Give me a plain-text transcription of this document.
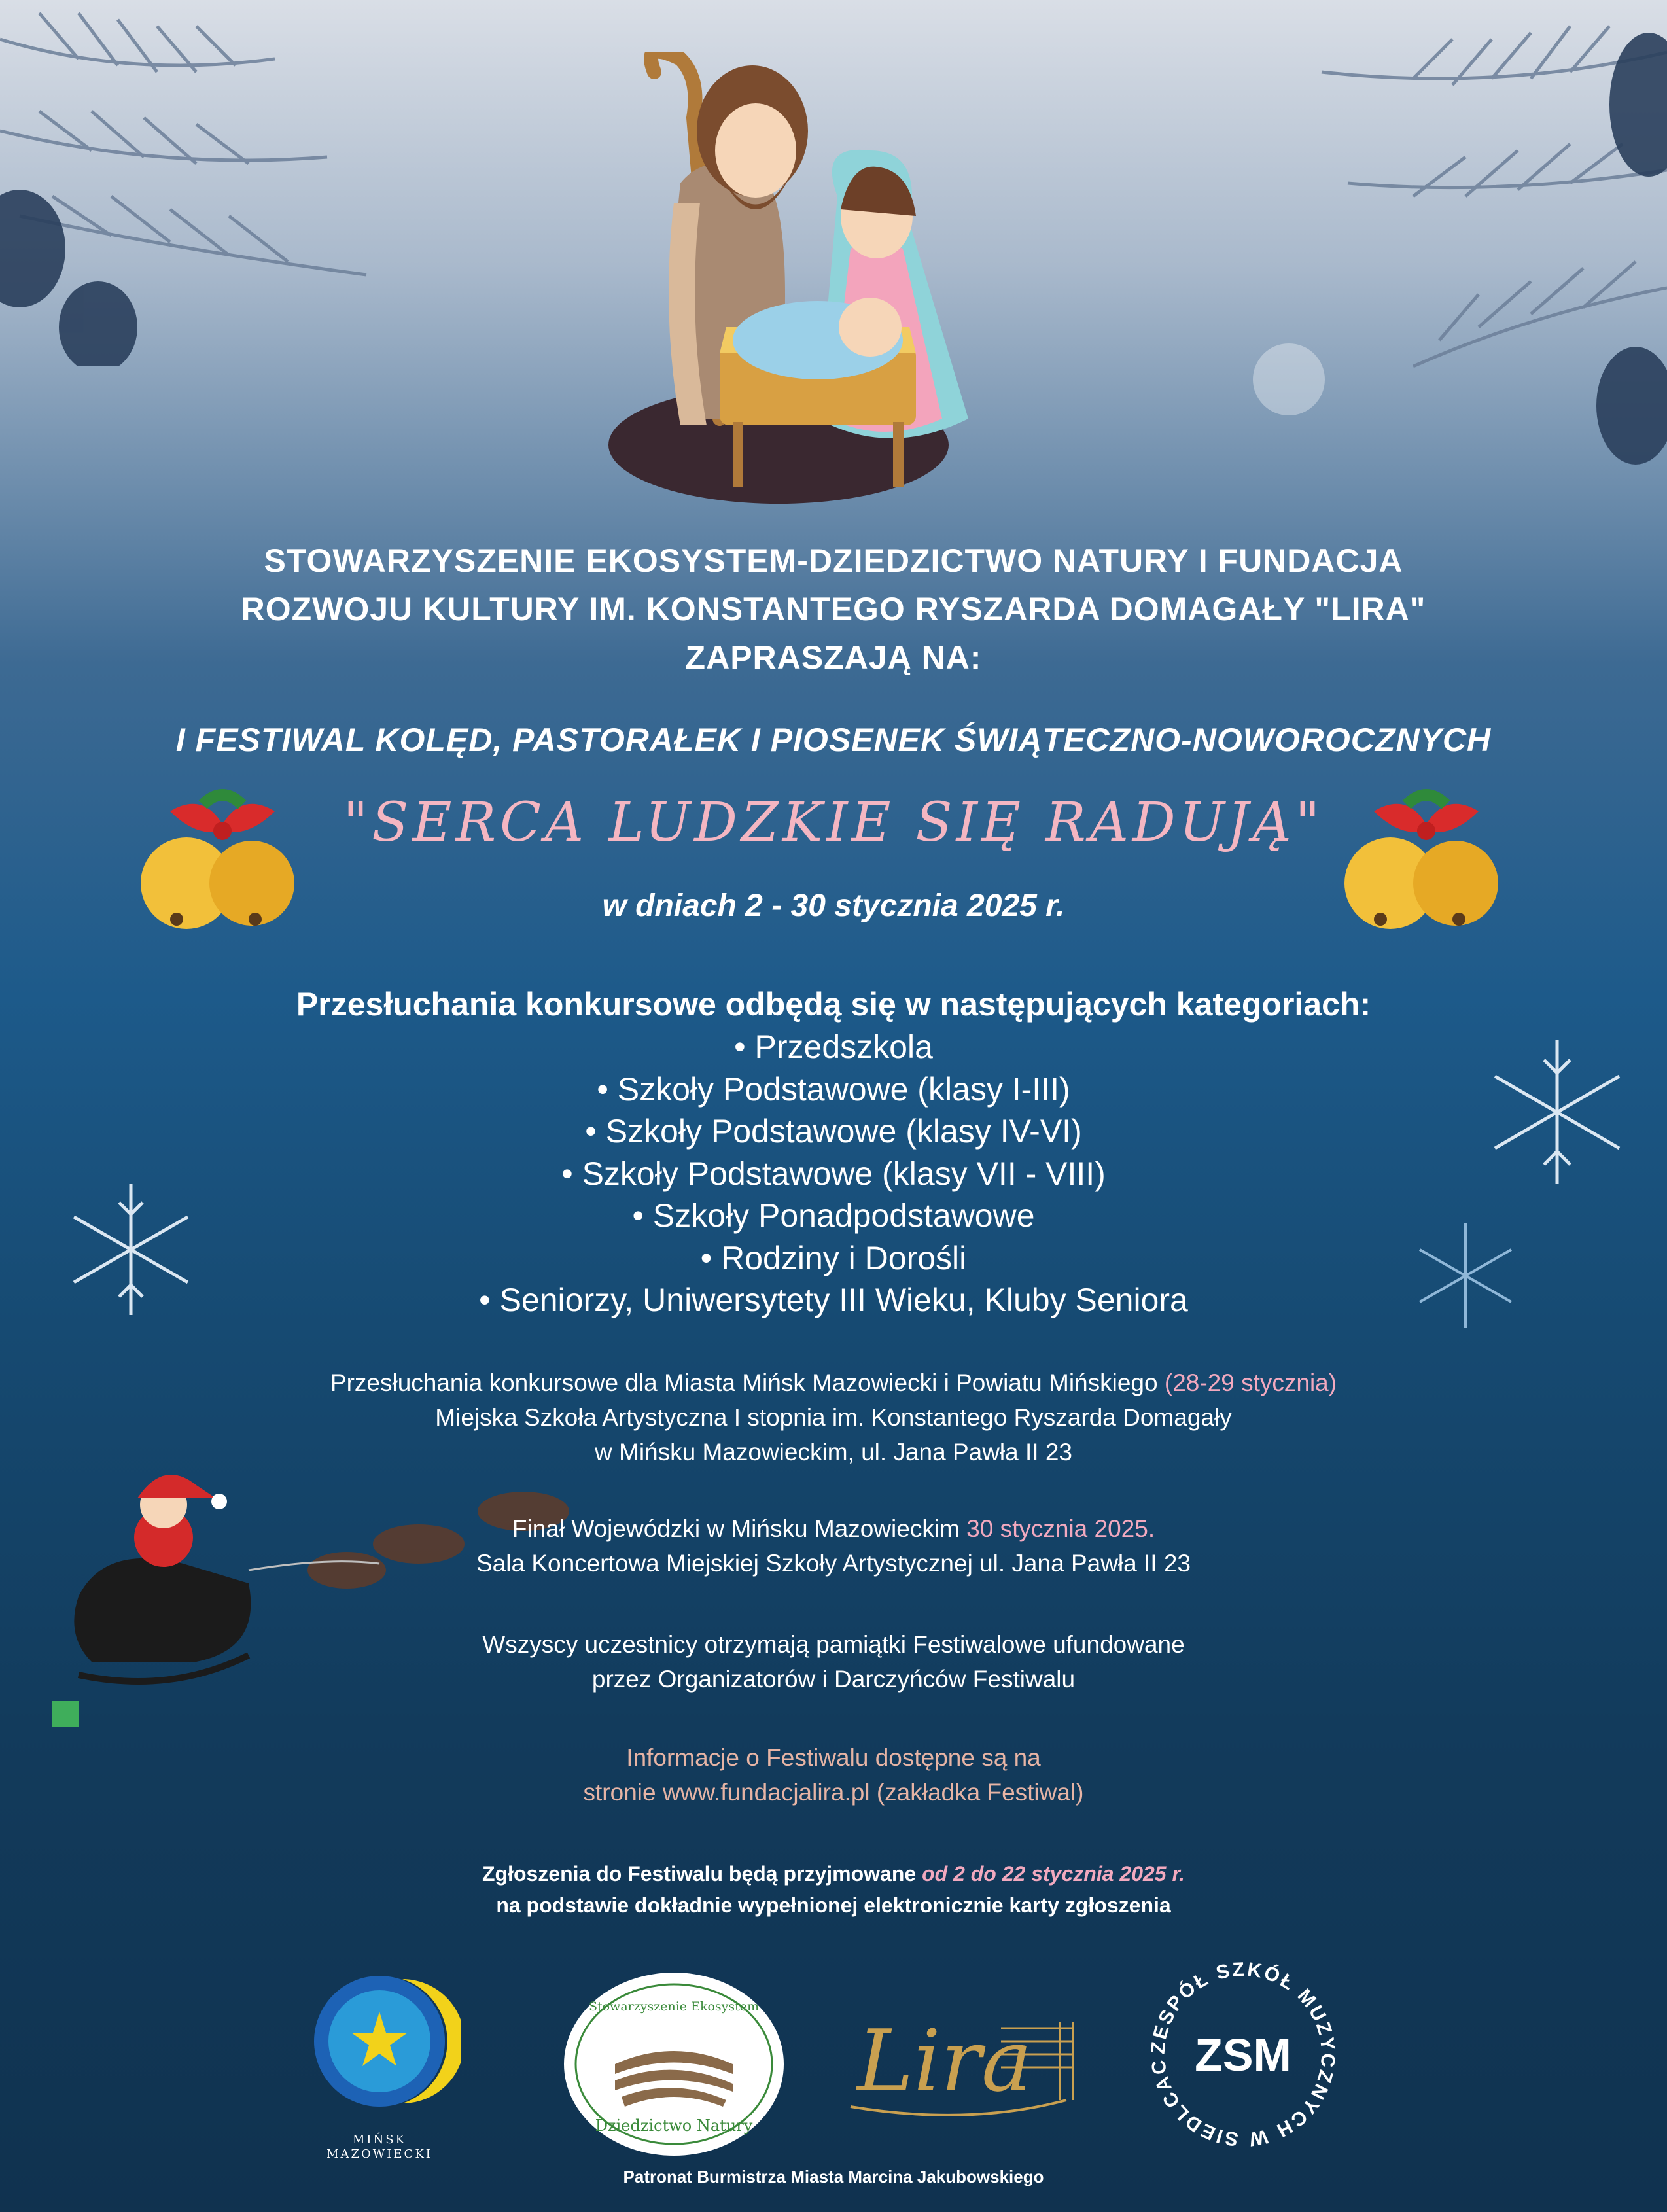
STOWARZYSZENIE EKOSYSTEM-DZIEDZICTWO NATURY I FUNDACJA
ROZWOJU KULTURY IM. KONSTANTEGO RYSZARDA DOMAGAŁY "LIRA"
ZAPRASZAJĄ NA:
I FESTIWAL KOLĘD, PASTORAŁEK I PIOSENEK ŚWIĄTECZNO-NOWOROCZNYCH
"SERCA LUDZKIE SIĘ RADUJĄ"
w dniach 2 - 30 stycznia 2025 r.
Przesłuchania konkursowe odbędą się w następujących kategoriach:
• Przedszkola
• Szkoły Podstawowe (klasy I-III)
• Szkoły Podstawowe (klasy IV-VI)
• Szkoły Podstawowe (klasy VII - VIII)
• Szkoły Ponadpodstawowe
• Rodziny i Dorośli
• Seniorzy, Uniwersytety III Wieku, Kluby Seniora
Przesłuchania konkursowe dla Miasta Mińsk Mazowiecki i Powiatu Mińskiego (28-29 stycznia)
Miejska Szkoła Artystyczna I stopnia im. Konstantego Ryszarda Domagały
w Mińsku Mazowieckim, ul. Jana Pawła II 23
Finał Wojewódzki w Mińsku Mazowieckim 30 stycznia 2025.
Sala Koncertowa Miejskiej Szkoły Artystycznej ul. Jana Pawła II 23
Wszyscy uczestnicy otrzymają pamiątki Festiwalowe ufundowane
przez Organizatorów i Darczyńców Festiwalu
Informacje o Festiwalu dostępne są na
stronie www.fundacjalira.pl (zakładka Festiwal)
Zgłoszenia do Festiwalu będą przyjmowane od 2 do 22 stycznia 2025 r.
na podstawie dokładnie wypełnionej elektronicznie karty zgłoszenia
MIŃSK
MAZOWIECKI
Stowarzyszenie Ekosystem
Dziedzictwo Natury
Lira	ZESPÓŁ SZKÓŁ MUZYCZNYCH W SIEDLCAC ZSM
Patronat Burmistrza Miasta Marcina Jakubowskiego
